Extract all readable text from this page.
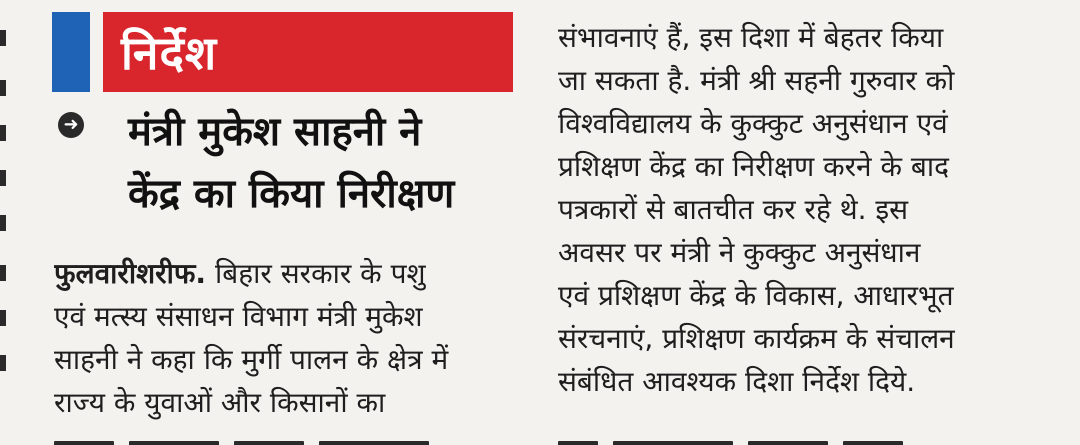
निर्देश
➜ मंत्री मुकेश साहनी ने
केंद्र का किया निरीक्षण
फुलवारीशरीफ. बिहार सरकार के पशु
एवं मत्स्य संसाधन विभाग मंत्री मुकेश
साहनी ने कहा कि मुर्गी पालन के क्षेत्र में
राज्य के युवाओं और किसानों का
संभावनाएं हैं, इस दिशा में बेहतर किया
जा सकता है. मंत्री श्री सहनी गुरुवार को
विश्वविद्यालय के कुक्कुट अनुसंधान एवं
प्रशिक्षण केंद्र का निरीक्षण करने के बाद
पत्रकारों से बातचीत कर रहे थे. इस
अवसर पर मंत्री ने कुक्कुट अनुसंधान
एवं प्रशिक्षण केंद्र के विकास, आधारभूत
संरचनाएं, प्रशिक्षण कार्यक्रम के संचालन
संबंधित आवश्यक दिशा निर्देश दिये.
